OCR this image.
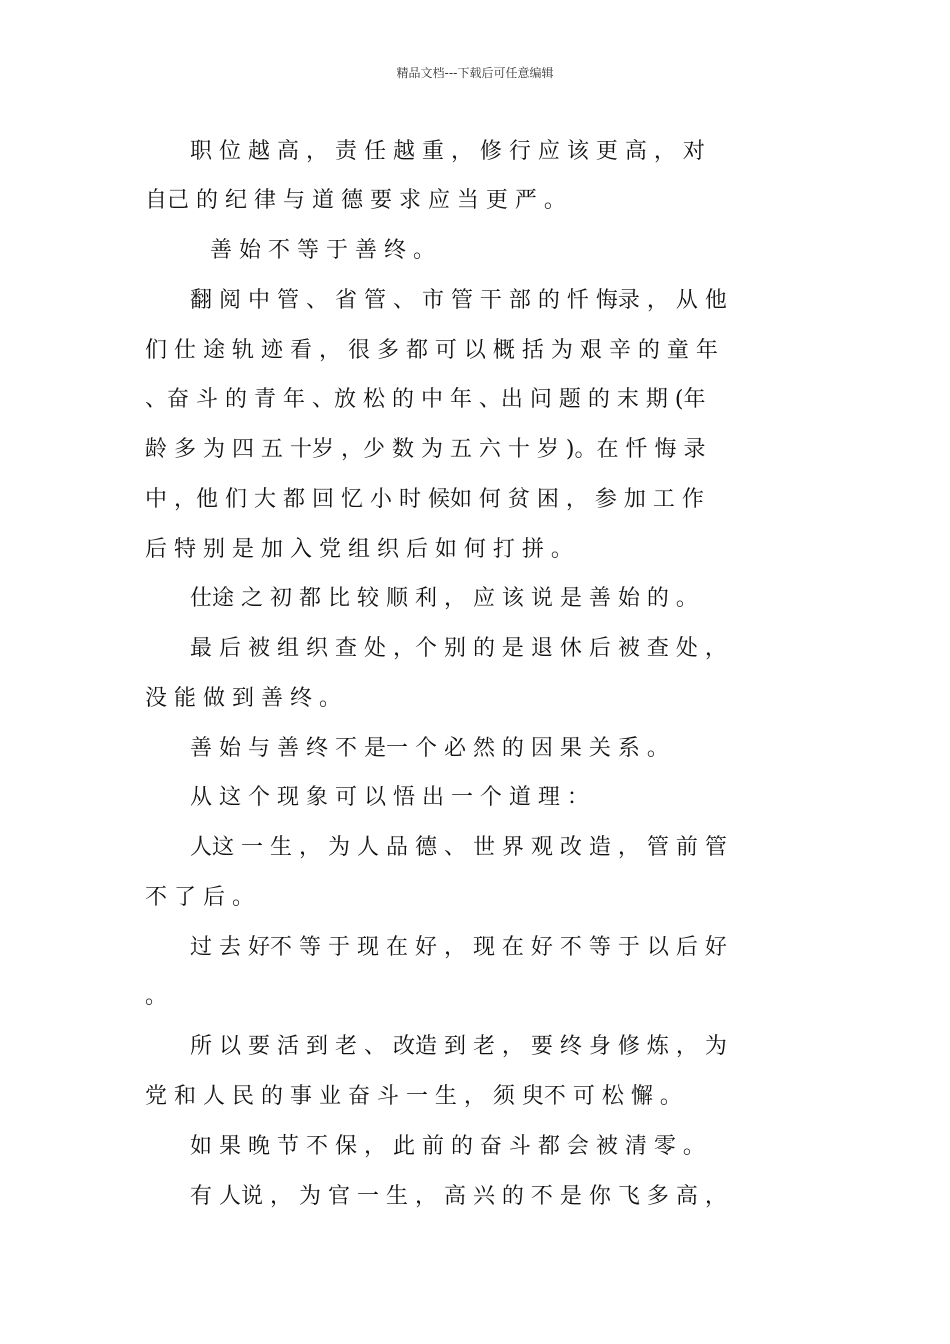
精品文档---下载后可任意编辑
职 位 越 高 ， 责 任 越 重 ， 修 行 应 该 更 高 ， 对
自己 的 纪 律 与 道 德 要 求 应 当 更 严 。
善 始 不 等 于 善 终 。
翻 阅 中 管 、 省 管 、 市 管 干 部 的 忏 悔录 ， 从 他
们 仕 途 轨 迹 看 ， 很 多 都 可 以 概 括 为 艰 辛 的 童 年
、奋 斗 的 青 年 、放 松 的 中 年 、出 问 题 的 末 期 (年
龄 多 为 四 五 十岁 ，少 数 为 五 六 十 岁 )。在 忏 悔 录
中 ，他 们 大 都 回 忆 小 时 候如 何 贫 困 ， 参 加 工 作
后 特 别 是 加 入 党 组 织 后 如 何 打 拼 。
仕途 之 初 都 比 较 顺 利 ， 应 该 说 是 善 始 的 。
最 后 被 组 织 查 处 ，个 别 的 是 退 休 后 被 查 处 ，
没 能 做 到 善 终 。
善 始 与 善 终 不 是一 个 必 然 的 因 果 关 系 。
从 这 个 现 象 可 以 悟 出 一 个 道 理 ：
人这 一 生 ， 为 人 品 德 、 世 界 观 改 造 ， 管 前 管
不 了 后 。
过 去 好不 等 于 现 在 好 ， 现 在 好 不 等 于 以 后 好
。
所 以 要 活 到 老 、 改造 到 老 ， 要 终 身 修 炼 ， 为
党 和 人 民 的 事 业 奋 斗 一 生 ， 须 臾不 可 松 懈 。
如 果 晚 节 不 保 ， 此 前 的 奋 斗 都 会 被 清 零 。
有 人说 ， 为 官 一 生 ， 高 兴 的 不 是 你 飞 多 高 ，
